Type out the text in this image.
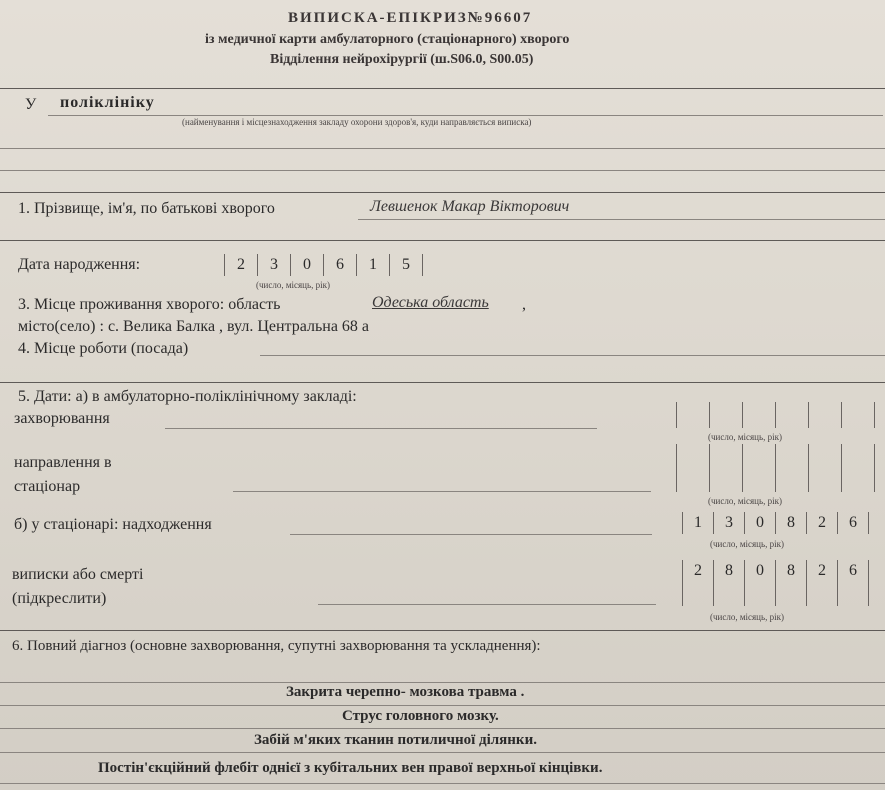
ВИПИСКА-ЕПІКРИЗ№96607
із медичної карти амбулаторного (стаціонарного) хворого
Відділення нейрохірургії (ш.S06.0, S00.05)
У поліклініку
(найменування і місцезнаходження закладу охорони здоров'я, куди направляється виписка)
1. Прізвище, ім'я, по батькові хворого	Левшенок Макар Вікторович
Дата народження:	2	3	0	6	1	5
(число, місяць, рік)
3. Місце проживання хворого: область	Одеська область ,
місто(село) : с. Велика Балка , вул. Центральна 68 а
4. Місце роботи (посада)
5. Дати: а) в амбулаторно-поліклінічному закладі:
захворювання
(число, місяць, рік)
направлення в
стаціонар
(число, місяць, рік)
б) у стаціонарі: надходження	1	3	0	8	2	6
(число, місяць, рік)
виписки або смерті
(підкреслити)
2	8	0	8	2	6
(число, місяць, рік)
6. Повний діагноз (основне захворювання, супутні захворювання та ускладнення):
Закрита черепно- мозкова травма .
Струс головного мозку.
Забій м'яких тканин потиличної ділянки.
Постін'єкційний флебіт однієї з кубітальних вен правої верхньої кінцівки.
